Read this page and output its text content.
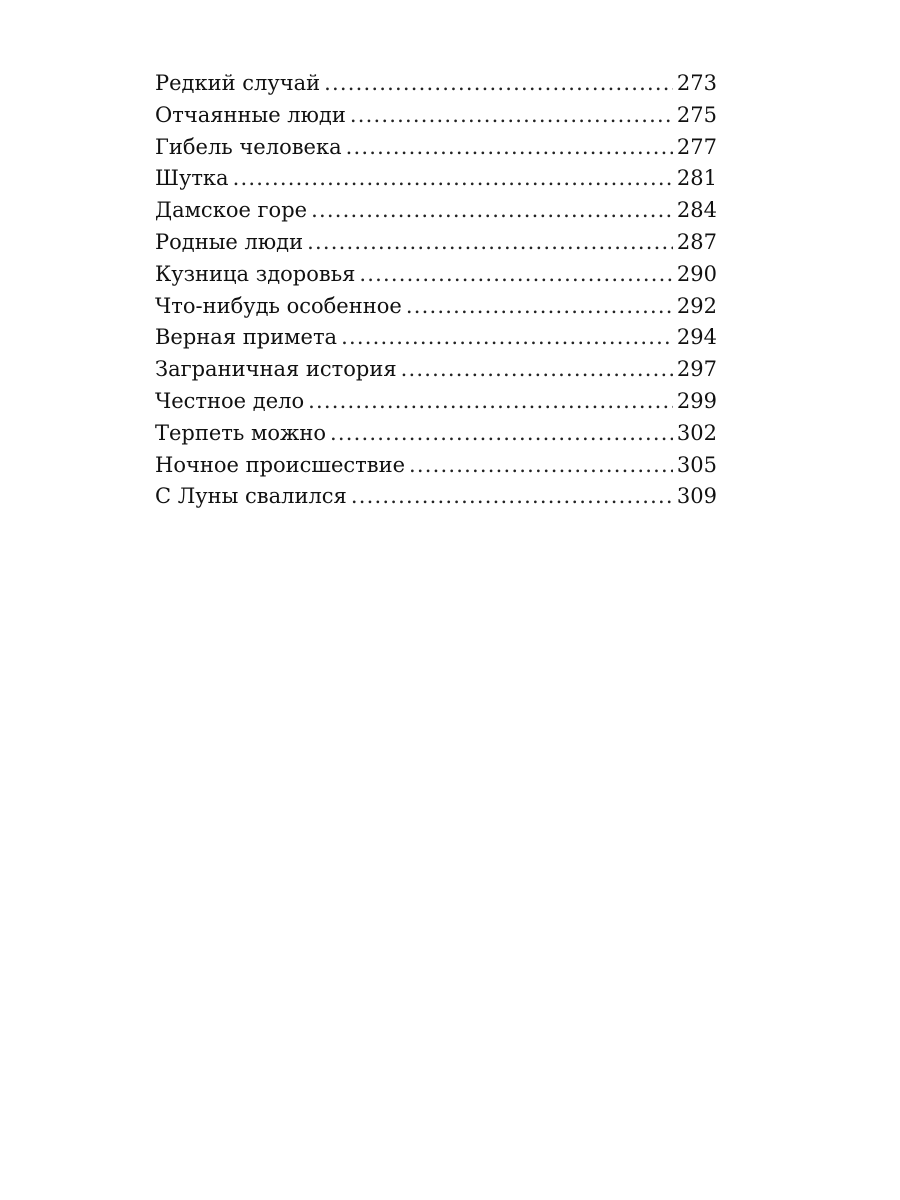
Редкий случай .....	273
Отчаянные люди .....	275
Гибель человека .....	277
Шутка .....	281
Дамское горе .....	284
Родные люди .....	287
Кузница здоровья .....	290
Что-нибудь особенное .....	292
Верная примета .....	294
Заграничная история .....	297
Честное дело .....	299
Терпеть можно .....	302
Ночное происшествие .....	305
С Луны свалился .....	309
